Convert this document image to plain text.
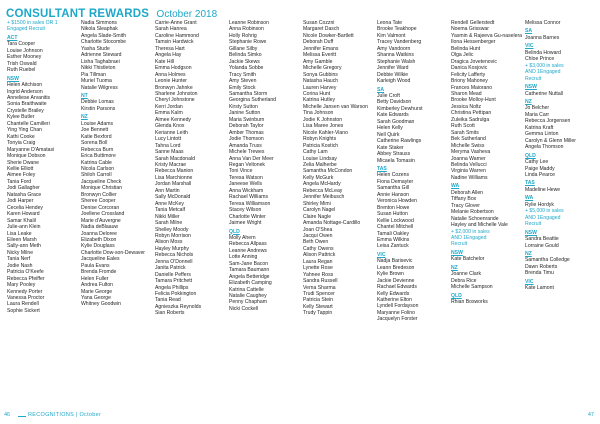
CONSULTANT REWARDS October 2018
+ $1500 in sales OR 1
Engaged Recruit
ACT
Tara Cooper
Louise Johnson
Esther Mooney
Trish Oswald
Ruth Ruebel
NSW
Helen Aitchison
Ingrid Anderson
Anneliese Arvanitis
Sonia Braithwaite
Crystelle Brailey
Kylee Butler
Chantelle Camilleri
Ying Ying Chan
Kathi Cooke
Tonyia Craig
Maryanne D'Amatasi
Monique Dobson
Sherie Dwane
Kellie Elliott
Aimee Foley
Tania Ford
Jodi Gallagher
Natasha Grace
Jodi Harper
Cecelia Hendey
Karen Howard
Samar Khalil
Julie-ann Klein
Lisa Leake
Eileen Marsh
Sally-ann Meth
Nicky Milne
Tania Nerf
Jodie Nash
Patricia O'Keefe
Rebecca Pfeiffer
Mary Pooley
Kennedy Porter
Vanessa Proctor
Laura Rendell
Sophie Sickert
Nadia Simmons
Nikola Sleaphak
Angela Slade-Smith
Charlotte Stocombe
Yasha Stude
Adrienne Steward
Lisha Taghabraei
Nikki Thistleton
Pia Tillman
Muriel Tuoma
Natalie Wilgress
NT
Debbie Lomas
Kirstin Parsons
NZ
Louise Adams
Joe Bennett
Katie Bexford
Sorena Boll
Rebecca Burn
Erica Buttimore
Katrina Cable
Nicola Carlson
Shiloh Carroll
Jacqueline Check
Monique Christian
Bronwyn Collier
Sheree Cooper
Denise Corcoran
Joellene Crossland
Marie d'Auvergne
Nadia deBlaauw
Joanna Deloree
Elizabeth Dixon
Kylie Douglass
Charlotte Dow-son-Dewaver
Jacqueline Eales
Paula Evans
Brenda Fromde
Helen Fuller
Andrea Fulton
Marie George
Yana George
Whitney Goodwin
Carrie-Anne Grant
Sarah Hanrea
Caroline Hammond
Tamsin Hardwick
Theresa Hart
Angela Hay
Kate Hill
Emma Hodgson
Anna Holmes
Leonie Hunter
Bronwyn Jahnke
Sharlene Johnston
Cheryl Johnstone
Kerri Jordan
Emma Kalm
Aimee Kennedy
Glenda Knox
Kerianne Leith
Lucy Lintott
Tahna Lord
Sanne Maas
Sarah Macdonald
Kristy Macrae
Rebecca Manion
Lisa Marchionne
Jordan Marshall
Ann Martin
Sally McDonald
Anne McKey
Tania Metcalf
Nikki Miller
Sarah Milne
Shelley Moody
Robyn Morrison
Alison Moss
Hayley Murphy
Rebecca Nichols
Jenna O'Donnell
Janita Patrick
Danielle Peffers
Tamara Pritchett
Angela Phillips
Felicia Pokkington
Tania Read
Agnieszka Reynolds
Sian Roberts
Leanne Robinson
Anna Robinson
Holly Rohrig
Stephanie Rowe
Gillane Silby
Belinda Simko
Jackie Skews
Yolanda Sobbe
Tracy Smith
Amy Steven
Emily Stock
Samantha Storm
Georgina Sutherland
Kirsty Sutton
Janine Sutton
Maria Swinburn
Deborah Taylor
Amber Thomas
Jodie Thomson
Amanda Truss
Michele Trewes
Anna Van Der Meer
Regan Veltonek
Toni Vince
Teresa Watson
Janeese Wells
Anna Wickham
Rachael Williams
Teresa Williamson
Stacey Wilson
Charlotte Winter
Jaimee Wright
QLD
Molly Ahern
Rebecca Allpass
Leanne Andrews
Lotte Anning
Sam-Jane Bacon
Tamara Baumann
Angela Betteridge
Elizabeth Camping
Katrina Cattelle
Natalie Caughey
Penny Chapham
Nicki Cockell
Susan Cozzni
Margaret Dasch
Nicole Dowker-Bartlett
Deborah Duff
Jennifer Emans
Melissa Everitt
Amy Gamble
Michelle Gregory
Sonya Gubbins
Natasha Hauch
Lauren Harvey
Corina Hunt
Katrina Hutley
Michelle Jansen van Warson
Tina Johnson
Jodie K Johnston
Lisa Maree Jones
Nicole Kahler-Viano
Robyn Knights
Patricia Kostich
Cathy Lam
Louise Lindsay
Zelia Malherbe
Samantha McCondon
Kelly McGurk
Angela McHardy
Rebecca McLeay
Jennifer Meibusch
Shirley Mimi
Carolyn Nagel
Claire Nagle
Amanda Nottage-Cardillo
Joan O'Shea
Jacqui Owen
Beth Owen
Cathy Owens
Alison Pattrick
Laura Regan
Lynette Rose
Yahnee Ross
Sandra Russell
Verna Sharma
Trudi Spencer
Patricia Stein
Kelly Stewart
Trudy Tappin
Leona Tate
Brooke Teakhope
Kim Valmont
Tracey Vandenberg
Amy Vandoorn
Shanna Watkins
Stephanie Walsh
Jennifer Ward
Debbie Wilkie
Karleigh Wood
SA
Julie Croft
Betty Davidson
Kimberley Dewhurst
Kate Edwards
Sarah Goodman
Helen Kelly
Nell Quirk
Catherine Rawlings
Kate Staker
Abbey Strauss
Micaela Tomasin
TAS
Helen Cozens
Fiona Demayter
Samantha Gill
Annie Hanson
Veronica Howden
Brenton Howe
Susan Hutton
Kellie Lockwood
Chantel Mitchell
Tamali Oakley
Emma Wilkins
Leisa Zantuck
VIC
Nadja Barisevic
Leann Bredeson
Kylie Brown
Jackie Devienne
Rachael Edwards
Kelly Edwards
Katherine Elton
Lyndell Fordayson
Maryanne Folino
Jacquelyn Forster
Rendell Gellerstedt
Noema Grisswar
Yasmin & Rajeeva Gu-naselera
Ilona Hessenberger
Belinda Hunt
Olga Jelic
Dragica Jovetenovic
Danica Kosjovic
Felicity Lafferty
Briony Mahoney
Frances Maiorano
Sharon Mead
Brooke Molloy-Hunt
Jessica Noltz
Christina Pettipan
Zuleika Sadrulga
Ruth Scott
Sarah Smits
Bek Sutherland
Michelle Swiss
Meryma Vasheva
Joanna Warner
Belinda Vellucci
Virginia Warren
Nadine Williams
WA
Deborah Allen
Tiffany Box
Tracy Glover
Melanie Robertson
Natalie Schoenrande
Hayley and Michelle Vale
+ $2,000 in sales
AND 1Engaged
Recruit
NSW
Kate Batchelor
NZ
Joanne Clark
Debra Rice
Michelle Sampson
QLD
Rhian Bosworks
Melissa Connor
SA
Joanna Barnes
VIC
Belinda Howard
Chloe Prince
+ $3,000 in sales
AND 1Engaged
Recruit
NSW
Catherine Nuttall
NZ
Jo Belcher
Maria Carr
Rebecca Jorgensen
Katrina Kraft
Gemma Linton
Carolyn & Glenn Miller
Angela Thomson
QLD
Cathy Lee
Paige Maddy
Linda Pearce
TAS
Madeline Hewe
WA
Rylie Hordyk
+ $5,000 in sales
AND 1Engaged
Recruit
NSW
Sandra Beattie
Lorraine Gould
NZ
Samantha Colledge
Dawn Roberts
Brenda Timu
VIC
Kate Lamont
46	RECOGNITIONS | October	47
